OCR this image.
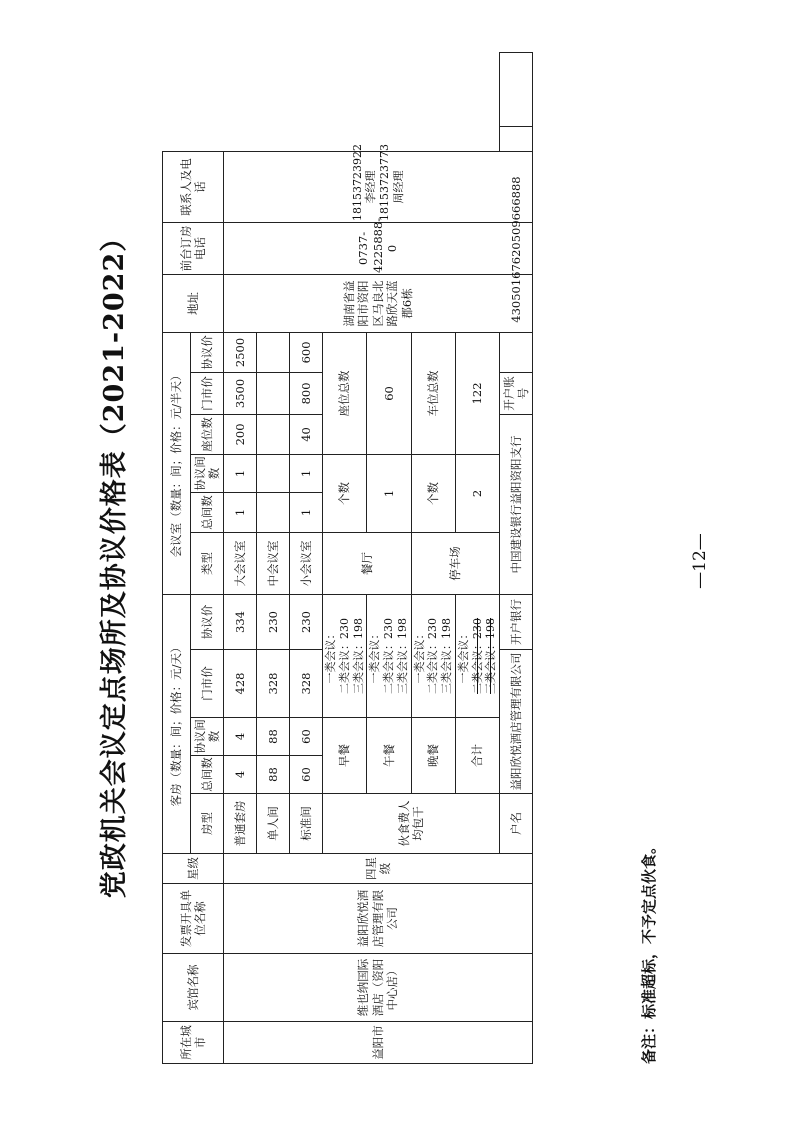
党政机关会议定点场所及协议价格表（2021-2022）
所在城市	宾馆名称	发票开具单位名称	星级	客房（数量：间；价格：元/天）					会议室（数量：间；价格：元/半天）						地址	前台订房电话	联系人及电话	
				房型	总间数	协议间数	门市价	协议价	类型	总间数	协议间数	座位数	门市价	协议价				
益阳市	维也纳国际酒店（资阳中心店）	益阳欣悦酒店管理有限公司	四星级	普通套房	4	4	428	334	大会议室	1	1	200	3500	2500	湖南省益阳市资阳区马良北路欣天蓝郡6栋	0737-4225888-0	18153723922李经理 18153723773周经理	

				单人间	88	88	328	230	中会议室									
				标准间	60	60	328	230	小会议室	1	1	40	800	600				
				伙食费人均包干	早餐		一类会议： 二类会议：230 三类会议：198		餐厅	个数		座位总数						
					午餐		一类会议： 二类会议：230 三类会议：198			1		60						
					晚餐		一类会议： 二类会议：230 三类会议：198		停车场	个数		车位总数						
					合计		一类会议： 二类会议：230 三类会议：198			2		122						
				户名	益阳欣悦酒店管理有限公司			开户银行	中国建设银行益阳资阳支行				开户账号	43050167620509666888				

备注：标准超标，不予定点伙食。

—12—
